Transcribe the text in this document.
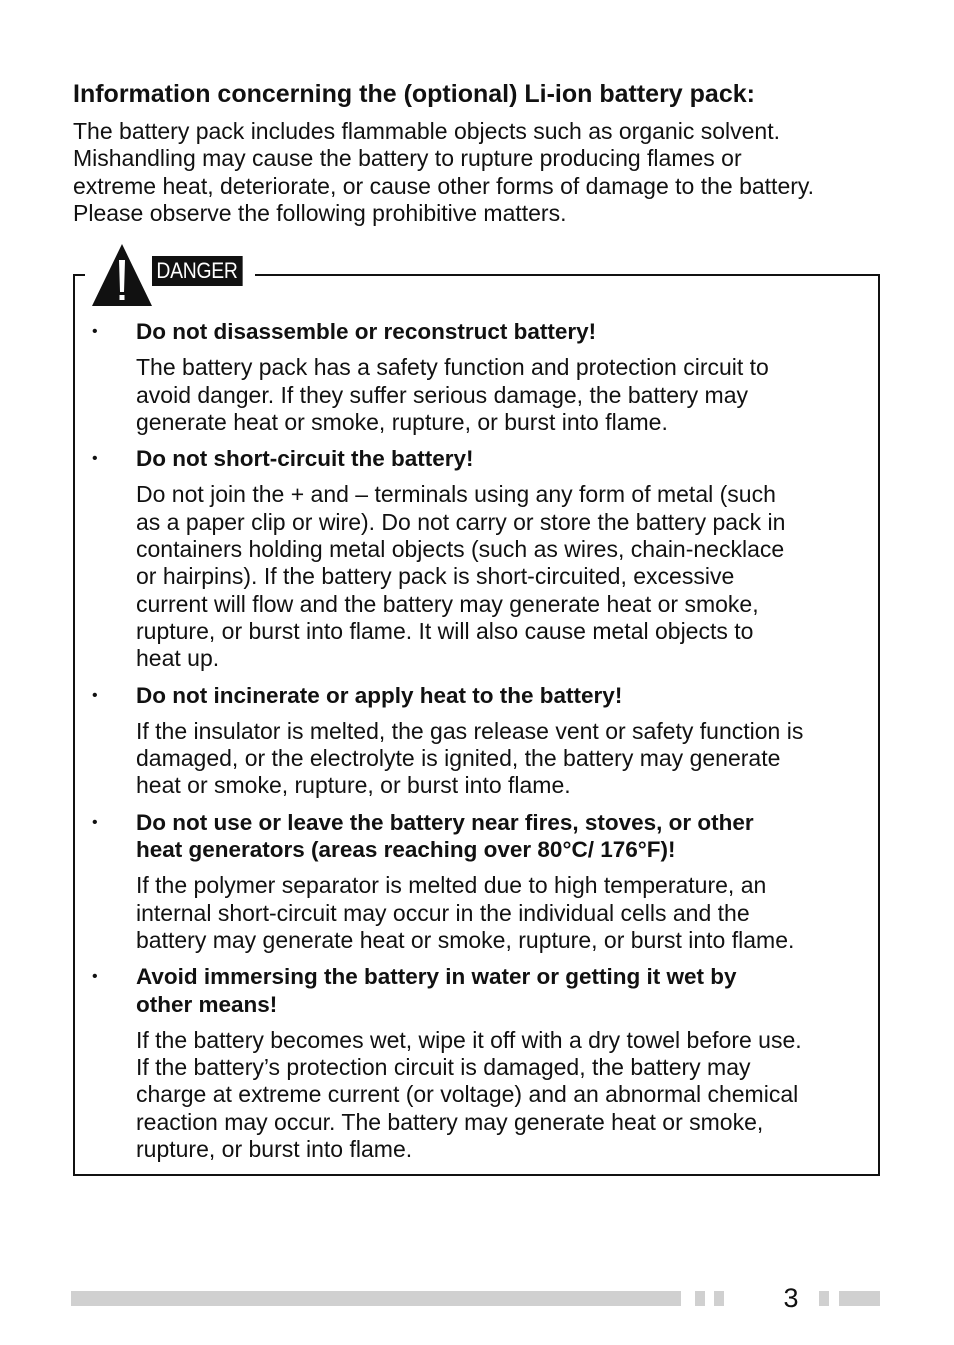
Information concerning the (optional) Li-ion battery pack:

The battery pack includes flammable objects such as organic solvent.
Mishandling may cause the battery to rupture producing flames or
extreme heat, deteriorate, or cause other forms of damage to the battery.
Please observe the following prohibitive matters.

DANGER
• Do not disassemble or reconstruct battery!

The battery pack has a safety function and protection circuit to
avoid danger. If they suffer serious damage, the battery may
generate heat or smoke, rupture, or burst into flame.

• Do not short-circuit the battery!

Do not join the + and – terminals using any form of metal (such
as a paper clip or wire). Do not carry or store the battery pack in
containers holding metal objects (such as wires, chain-necklace
or hairpins). If the battery pack is short-circuited, excessive
current will flow and the battery may generate heat or smoke,
rupture, or burst into flame. It will also cause metal objects to
heat up.

• Do not incinerate or apply heat to the battery!

If the insulator is melted, the gas release vent or safety function is
damaged, or the electrolyte is ignited, the battery may generate
heat or smoke, rupture, or burst into flame.

• Do not use or leave the battery near fires, stoves, or other
heat generators (areas reaching over 80°C/ 176°F)!

If the polymer separator is melted due to high temperature, an
internal short-circuit may occur in the individual cells and the
battery may generate heat or smoke, rupture, or burst into flame.

• Avoid immersing the battery in water or getting it wet by
other means!

If the battery becomes wet, wipe it off with a dry towel before use.
If the battery’s protection circuit is damaged, the battery may
charge at extreme current (or voltage) and an abnormal chemical
reaction may occur. The battery may generate heat or smoke,
rupture, or burst into flame.

3
